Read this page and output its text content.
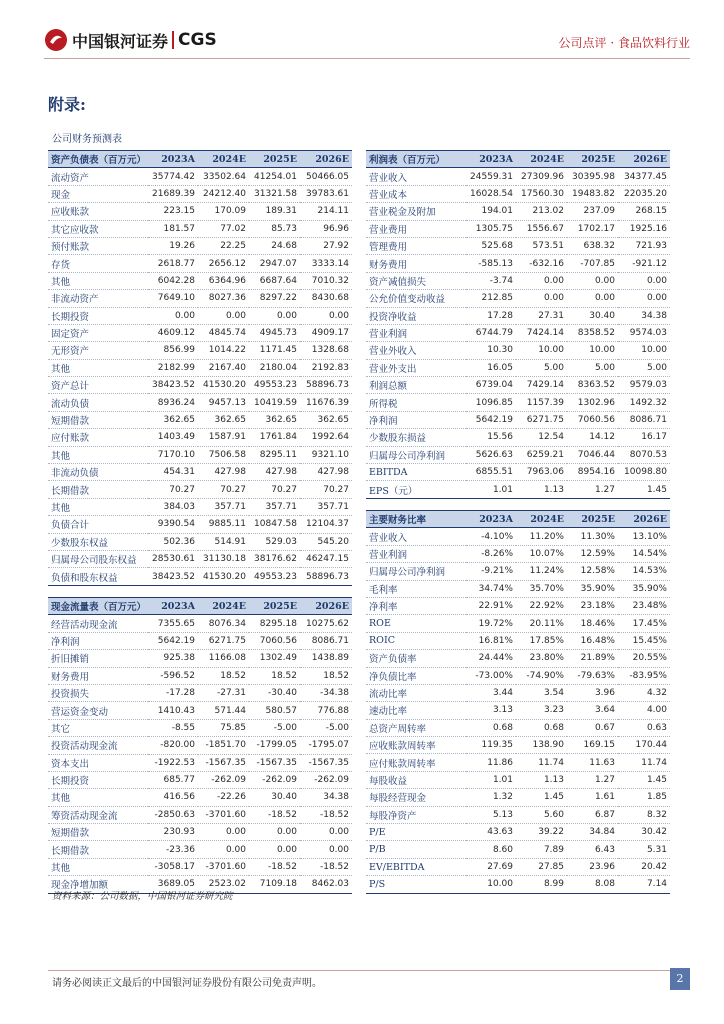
中国银河证券 CGS	公司点评 · 食品饮料行业
附录:
公司财务预测表
资产负债表（百万元）	2023A	2024E	2025E	2026E
流动资产	35774.42	33502.64	41254.01	50466.05
现金	21689.39	24212.40	31321.58	39783.61
应收账款	223.15	170.09	189.31	214.11
其它应收款	181.57	77.02	85.73	96.96
预付账款	19.26	22.25	24.68	27.92
存货	2618.77	2656.12	2947.07	3333.14
其他	6042.28	6364.96	6687.64	7010.32
非流动资产	7649.10	8027.36	8297.22	8430.68
长期投资	0.00	0.00	0.00	0.00
固定资产	4609.12	4845.74	4945.73	4909.17
无形资产	856.99	1014.22	1171.45	1328.68
其他	2182.99	2167.40	2180.04	2192.83
资产总计	38423.52	41530.20	49553.23	58896.73
流动负债	8936.24	9457.13	10419.59	11676.39
短期借款	362.65	362.65	362.65	362.65
应付账款	1403.49	1587.91	1761.84	1992.64
其他	7170.10	7506.58	8295.11	9321.10
非流动负债	454.31	427.98	427.98	427.98
长期借款	70.27	70.27	70.27	70.27
其他	384.03	357.71	357.71	357.71
负债合计	9390.54	9885.11	10847.58	12104.37
少数股东权益	502.36	514.91	529.03	545.20
归属母公司股东权益	28530.61	31130.18	38176.62	46247.15
负债和股东权益	38423.52	41530.20	49553.23	58896.73
利润表（百万元）	2023A	2024E	2025E	2026E
营业收入	24559.31	27309.96	30395.98	34377.45
营业成本	16028.54	17560.30	19483.82	22035.20
营业税金及附加	194.01	213.02	237.09	268.15
营业费用	1305.75	1556.67	1702.17	1925.16
管理费用	525.68	573.51	638.32	721.93
财务费用	-585.13	-632.16	-707.85	-921.12
资产减值损失	-3.74	0.00	0.00	0.00
公允价值变动收益	212.85	0.00	0.00	0.00
投资净收益	17.28	27.31	30.40	34.38
营业利润	6744.79	7424.14	8358.52	9574.03
营业外收入	10.30	10.00	10.00	10.00
营业外支出	16.05	5.00	5.00	5.00
利润总额	6739.04	7429.14	8363.52	9579.03
所得税	1096.85	1157.39	1302.96	1492.32
净利润	5642.19	6271.75	7060.56	8086.71
少数股东损益	15.56	12.54	14.12	16.17
归属母公司净利润	5626.63	6259.21	7046.44	8070.53
EBITDA	6855.51	7963.06	8954.16	10098.80
EPS（元）	1.01	1.13	1.27	1.45
现金流量表（百万元）	2023A	2024E	2025E	2026E
经营活动现金流	7355.65	8076.34	8295.18	10275.62
净利润	5642.19	6271.75	7060.56	8086.71
折旧摊销	925.38	1166.08	1302.49	1438.89
财务费用	-596.52	18.52	18.52	18.52
投资损失	-17.28	-27.31	-30.40	-34.38
营运资金变动	1410.43	571.44	580.57	776.88
其它	-8.55	75.85	-5.00	-5.00
投资活动现金流	-820.00	-1851.70	-1799.05	-1795.07
资本支出	-1922.53	-1567.35	-1567.35	-1567.35
长期投资	685.77	-262.09	-262.09	-262.09
其他	416.56	-22.26	30.40	34.38
筹资活动现金流	-2850.63	-3701.60	-18.52	-18.52
短期借款	230.93	0.00	0.00	0.00
长期借款	-23.36	0.00	0.00	0.00
其他	-3058.17	-3701.60	-18.52	-18.52
现金净增加额	3689.05	2523.02	7109.18	8462.03
主要财务比率	2023A	2024E	2025E	2026E
营业收入	-4.10%	11.20%	11.30%	13.10%
营业利润	-8.26%	10.07%	12.59%	14.54%
归属母公司净利润	-9.21%	11.24%	12.58%	14.53%
毛利率	34.74%	35.70%	35.90%	35.90%
净利率	22.91%	22.92%	23.18%	23.48%
ROE	19.72%	20.11%	18.46%	17.45%
ROIC	16.81%	17.85%	16.48%	15.45%
资产负债率	24.44%	23.80%	21.89%	20.55%
净负债比率	-73.00%	-74.90%	-79.63%	-83.95%
流动比率	3.44	3.54	3.96	4.32
速动比率	3.13	3.23	3.64	4.00
总资产周转率	0.68	0.68	0.67	0.63
应收账款周转率	119.35	138.90	169.15	170.44
应付账款周转率	11.86	11.74	11.63	11.74
每股收益	1.01	1.13	1.27	1.45
每股经营现金	1.32	1.45	1.61	1.85
每股净资产	5.13	5.60	6.87	8.32
P/E	43.63	39.22	34.84	30.42
P/B	8.60	7.89	6.43	5.31
EV/EBITDA	27.69	27.85	23.96	20.42
P/S	10.00	8.99	8.08	7.14
资料来源：公司数据，中国银河证券研究院
请务必阅读正文最后的中国银河证券股份有限公司免责声明。	2
